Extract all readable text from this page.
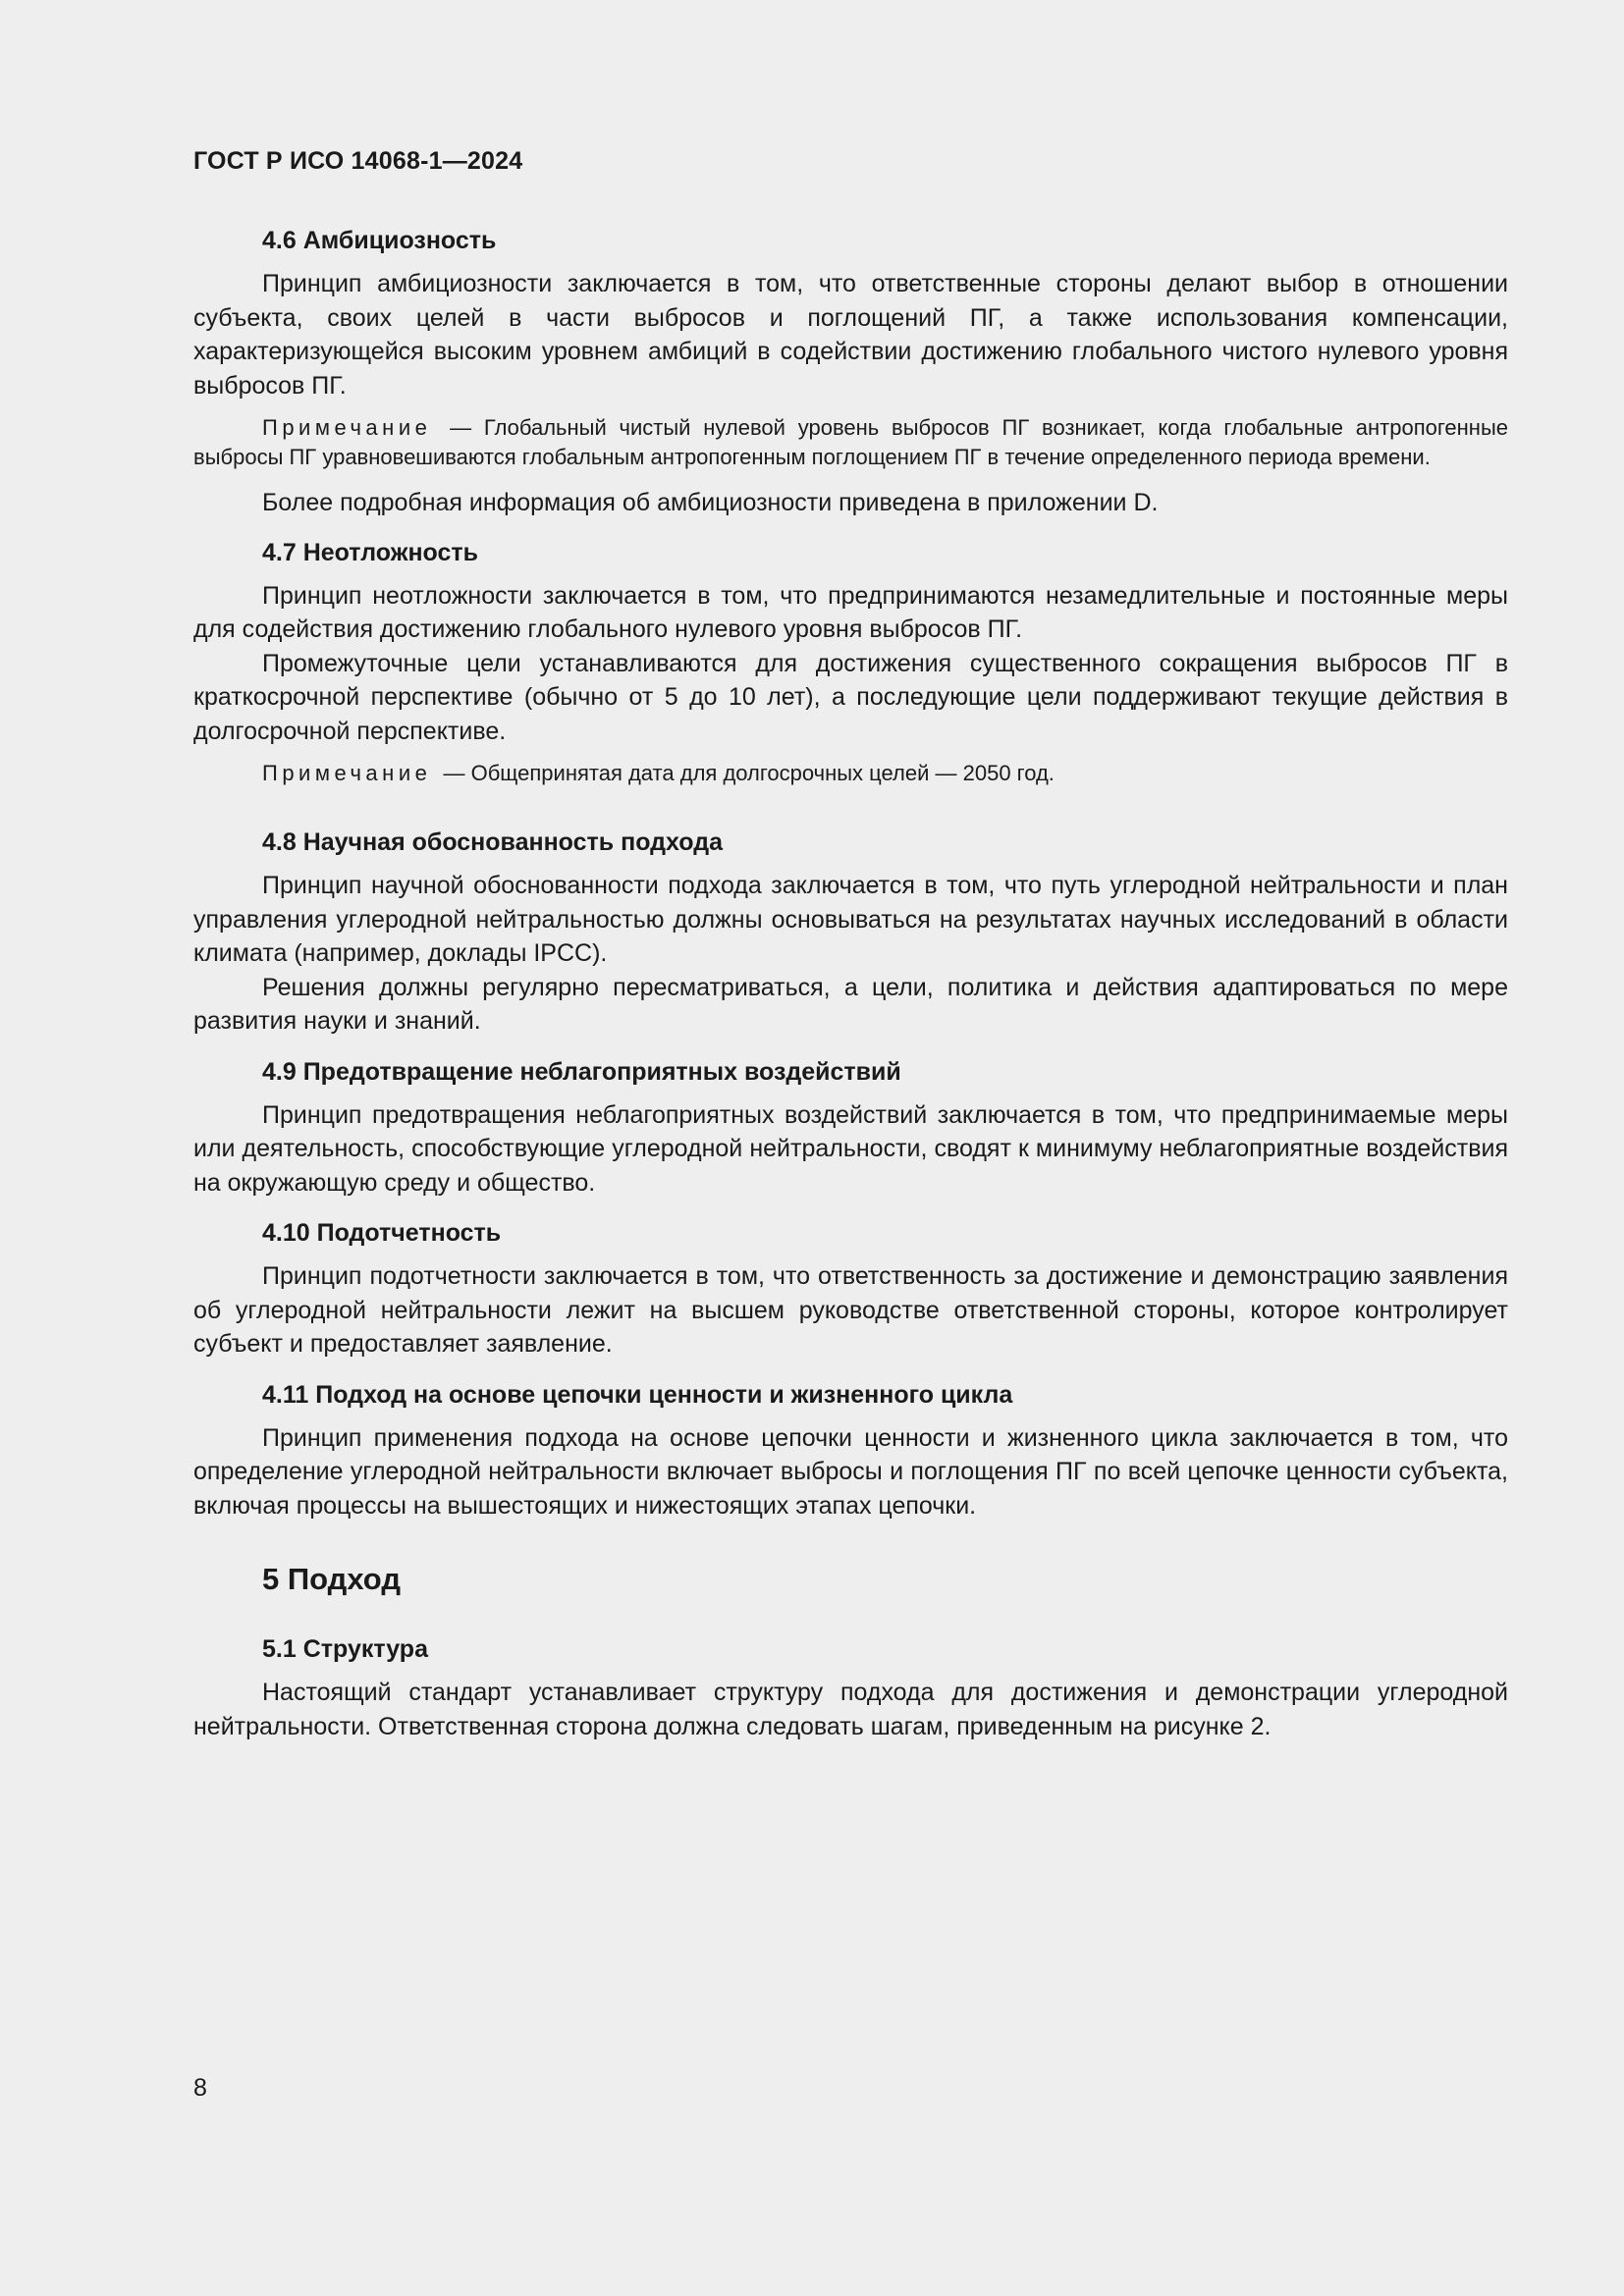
ГОСТ Р ИСО 14068-1—2024
4.6 Амбициозность

Принцип амбициозности заключается в том, что ответственные стороны делают выбор в отношении субъекта, своих целей в части выбросов и поглощений ПГ, а также использования компенсации, характеризующейся высоким уровнем амбиций в содействии достижению глобального чистого нулевого уровня выбросов ПГ.

Примечание — Глобальный чистый нулевой уровень выбросов ПГ возникает, когда глобальные антропогенные выбросы ПГ уравновешиваются глобальным антропогенным поглощением ПГ в течение определенного периода времени.

Более подробная информация об амбициозности приведена в приложении D.

4.7 Неотложность

Принцип неотложности заключается в том, что предпринимаются незамедлительные и постоянные меры для содействия достижению глобального нулевого уровня выбросов ПГ.

Промежуточные цели устанавливаются для достижения существенного сокращения выбросов ПГ в краткосрочной перспективе (обычно от 5 до 10 лет), а последующие цели поддерживают текущие действия в долгосрочной перспективе.

Примечание — Общепринятая дата для долгосрочных целей — 2050 год.

4.8 Научная обоснованность подхода

Принцип научной обоснованности подхода заключается в том, что путь углеродной нейтральности и план управления углеродной нейтральностью должны основываться на результатах научных исследований в области климата (например, доклады IPCC).

Решения должны регулярно пересматриваться, а цели, политика и действия адаптироваться по мере развития науки и знаний.

4.9 Предотвращение неблагоприятных воздействий

Принцип предотвращения неблагоприятных воздействий заключается в том, что предпринимаемые меры или деятельность, способствующие углеродной нейтральности, сводят к минимуму неблагоприятные воздействия на окружающую среду и общество.

4.10 Подотчетность

Принцип подотчетности заключается в том, что ответственность за достижение и демонстрацию заявления об углеродной нейтральности лежит на высшем руководстве ответственной стороны, которое контролирует субъект и предоставляет заявление.

4.11 Подход на основе цепочки ценности и жизненного цикла

Принцип применения подхода на основе цепочки ценности и жизненного цикла заключается в том, что определение углеродной нейтральности включает выбросы и поглощения ПГ по всей цепочке ценности субъекта, включая процессы на вышестоящих и нижестоящих этапах цепочки.

5 Подход
5.1 Структура

Настоящий стандарт устанавливает структуру подхода для достижения и демонстрации углеродной нейтральности. Ответственная сторона должна следовать шагам, приведенным на рисунке 2.

8
